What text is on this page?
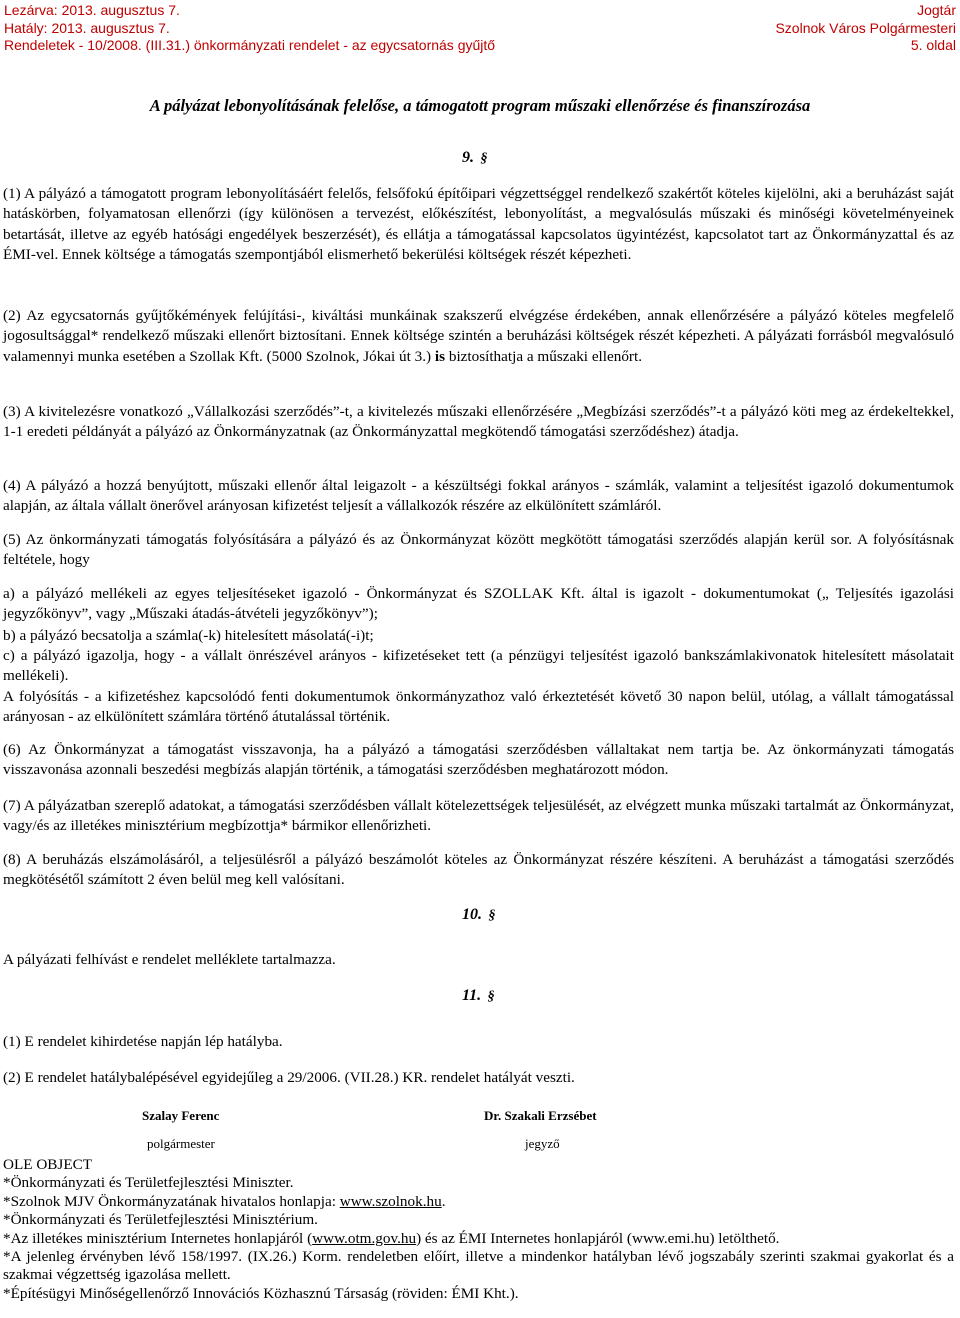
Lezárva: 2013. augusztus 7.
Hatály: 2013. augusztus 7.
Rendeletek - 10/2008. (III.31.) önkormányzati rendelet - az egycsatornás gyűjtő
Jogtár
Szolnok Város Polgármesteri
5. oldal
A pályázat lebonyolításának felelőse, a támogatott program műszaki ellenőrzése és finanszírozása
9. §

(1) A pályázó a támogatott program lebonyolításáért felelős, felsőfokú építőipari végzettséggel rendelkező szakértőt köteles kijelölni, aki a beruházást saját hatáskörben, folyamatosan ellenőrzi (így különösen a tervezést, előkészítést, lebonyolítást, a megvalósulás műszaki és minőségi követelményeinek betartását, illetve az egyéb hatósági engedélyek beszerzését), és ellátja a támogatással kapcsolatos ügyintézést, kapcsolatot tart az Önkormányzattal és az ÉMI-vel. Ennek költsége a támogatás szempontjából elismerhető bekerülési költségek részét képezheti.

(2) Az egycsatornás gyűjtőkémények felújítási-, kiváltási munkáinak szakszerű elvégzése érdekében, annak ellenőrzésére a pályázó köteles megfelelő jogosultsággal* rendelkező műszaki ellenőrt biztosítani. Ennek költsége szintén a beruházási költségek részét képezheti. A pályázati forrásból megvalósuló valamennyi munka esetében a Szollak Kft. (5000 Szolnok, Jókai út 3.) is biztosíthatja a műszaki ellenőrt.

(3) A kivitelezésre vonatkozó „Vállalkozási szerződés”-t, a kivitelezés műszaki ellenőrzésére „Megbízási szerződés”-t a pályázó köti meg az érdekeltekkel, 1-1 eredeti példányát a pályázó az Önkormányzatnak (az Önkormányzattal megkötendő támogatási szerződéshez) átadja.

(4) A pályázó a hozzá benyújtott, műszaki ellenőr által leigazolt - a készültségi fokkal arányos - számlák, valamint a teljesítést igazoló dokumentumok alapján, az általa vállalt önerővel arányosan kifizetést teljesít a vállalkozók részére az elkülönített számláról.

(5) Az önkormányzati támogatás folyósítására a pályázó és az Önkormányzat között megkötött támogatási szerződés alapján kerül sor. A folyósításnak feltétele, hogy

a) a pályázó mellékeli az egyes teljesítéseket igazoló - Önkormányzat és SZOLLAK Kft. által is igazolt - dokumentumokat („ Teljesítés igazolási jegyzőkönyv”, vagy „Műszaki átadás-átvételi jegyzőkönyv”);

b) a pályázó becsatolja a számla(-k) hitelesített másolatá(-i)t;

c) a pályázó igazolja, hogy - a vállalt önrészével arányos - kifizetéseket tett (a pénzügyi teljesítést igazoló bankszámlakivonatok hitelesített másolatait mellékeli).

A folyósítás - a kifizetéshez kapcsolódó fenti dokumentumok önkormányzathoz való érkeztetését követő 30 napon belül, utólag, a vállalt támogatással arányosan - az elkülönített számlára történő átutalással történik.

(6) Az Önkormányzat a támogatást visszavonja, ha a pályázó a támogatási szerződésben vállaltakat nem tartja be. Az önkormányzati támogatás visszavonása azonnali beszedési megbízás alapján történik, a támogatási szerződésben meghatározott módon.

(7) A pályázatban szereplő adatokat, a támogatási szerződésben vállalt kötelezettségek teljesülését, az elvégzett munka műszaki tartalmát az Önkormányzat, vagy/és az illetékes minisztérium megbízottja* bármikor ellenőrizheti.

(8) A beruházás elszámolásáról, a teljesülésről a pályázó beszámolót köteles az Önkormányzat részére készíteni. A beruházást a támogatási szerződés megkötésétől számított 2 éven belül meg kell valósítani.

10. §

A pályázati felhívást e rendelet melléklete tartalmazza.

11. §

(1) E rendelet kihirdetése napján lép hatályba.

(2) E rendelet hatálybalépésével egyidejűleg a 29/2006. (VII.28.) KR. rendelet hatályát veszti.

Szalay Ferenc
polgármester
Dr. Szakali Erzsébet
jegyző
OLE OBJECT
*Önkormányzati és Területfejlesztési Miniszter.
*Szolnok MJV Önkormányzatának hivatalos honlapja: www.szolnok.hu.
*Önkormányzati és Területfejlesztési Minisztérium.
*Az illetékes minisztérium Internetes honlapjáról (www.otm.gov.hu) és az ÉMI Internetes honlapjáról (www.emi.hu) letölthető.
*A jelenleg érvényben lévő 158/1997. (IX.26.) Korm. rendeletben előírt, illetve a mindenkor hatályban lévő jogszabály szerinti szakmai gyakorlat és a szakmai végzettség igazolása mellett.
*Építésügyi Minőségellenőrző Innovációs Közhasznú Társaság (röviden: ÉMI Kht.).
